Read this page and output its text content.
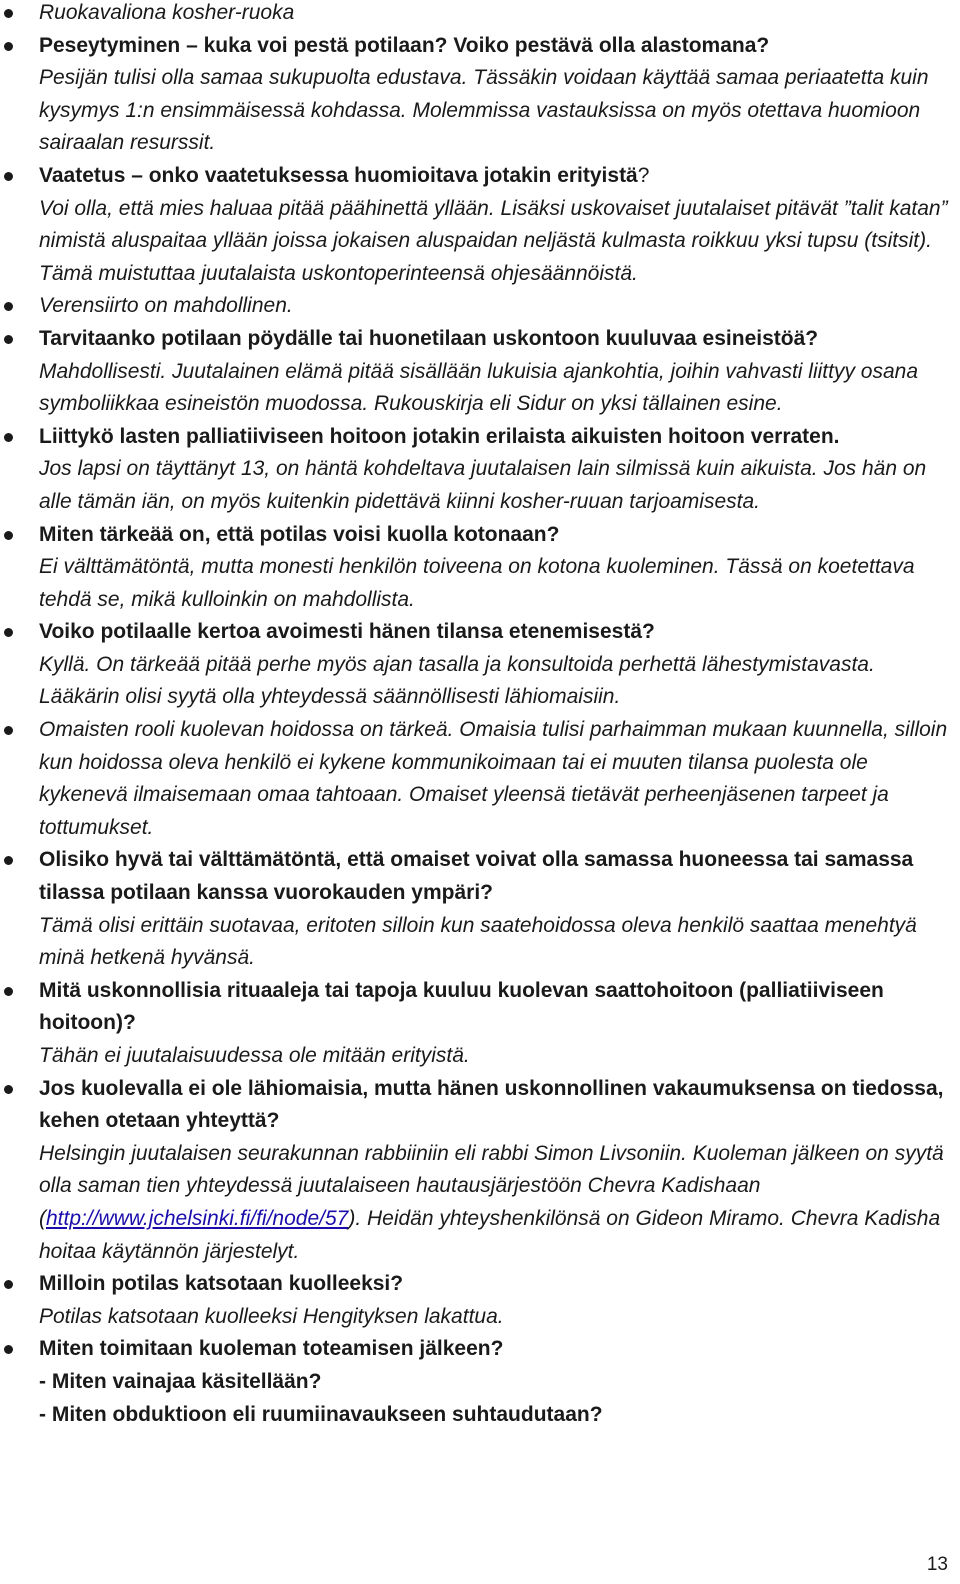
Ruokavaliona kosher-ruoka
Peseytyminen – kuka voi pestä potilaan? Voiko pestävä olla alastomana?
Pesijän tulisi olla samaa sukupuolta edustava. Tässäkin voidaan käyttää samaa periaatetta kuin kysymys 1:n ensimmäisessä kohdassa. Molemmissa vastauksissa on myös otettava huomioon sairaalan resurssit.
Vaatetus – onko vaatetuksessa huomioitava jotakin erityistä?
Voi olla, että mies haluaa pitää päähinettä yllään. Lisäksi uskovaiset juutalaiset pitävät ”talit katan” nimistä aluspaitaa yllään joissa jokaisen aluspaidan neljästä kulmasta roikkuu yksi tupsu (tsitsit). Tämä muistuttaa juutalaista uskontoperinteensä ohjesäännöistä.
Verensiirto on mahdollinen.
Tarvitaanko potilaan pöydälle tai huonetilaan uskontoon kuuluvaa esineistöä?
Mahdollisesti. Juutalainen elämä pitää sisällään lukuisia ajankohtia, joihin vahvasti liittyy osana symboliikkaa esineistön muodossa. Rukouskirja eli Sidur on yksi tällainen esine.
Liittykö lasten palliatiiviseen hoitoon jotakin erilaista aikuisten hoitoon verraten.
Jos lapsi on täyttänyt 13, on häntä kohdeltava juutalaisen lain silmissä kuin aikuista. Jos hän on alle tämän iän, on myös kuitenkin pidettävä kiinni kosher-ruuan tarjoamisesta.
Miten tärkeää on, että potilas voisi kuolla kotonaan?
Ei välttämätöntä, mutta monesti henkilön toiveena on kotona kuoleminen. Tässä on koetettava tehdä se, mikä kulloinkin on mahdollista.
Voiko potilaalle kertoa avoimesti hänen tilansa etenemisestä?
Kyllä. On tärkeää pitää perhe myös ajan tasalla ja konsultoida perhettä lähestymistavasta. Lääkärin olisi syytä olla yhteydessä säännöllisesti lähiomaisiin.
Omaisten rooli kuolevan hoidossa on tärkeä. Omaisia tulisi parhaimman mukaan kuunnella, silloin kun hoidossa oleva henkilö ei kykene kommunikoimaan tai ei muuten tilansa puolesta ole kykenevä ilmaisemaan omaa tahtoaan. Omaiset yleensä tietävät perheenjäsenen tarpeet ja tottumukset.
Olisiko hyvä tai välttämätöntä, että omaiset voivat olla samassa huoneessa tai samassa tilassa potilaan kanssa vuorokauden ympäri?
Tämä olisi erittäin suotavaa, eritoten silloin kun saatehoidossa oleva henkilö saattaa menehtyä minä hetkenä hyvänsä.
Mitä uskonnollisia rituaaleja tai tapoja kuuluu kuolevan saattohoitoon (palliatiiviseen hoitoon)?
Tähän ei juutalaisuudessa ole mitään erityistä.
Jos kuolevalla ei ole lähiomaisia, mutta hänen uskonnollinen vakaumuksensa on tiedossa, kehen otetaan yhteyttä?
Helsingin juutalaisen seurakunnan rabbiiniin eli rabbi Simon Livsoniin. Kuoleman jälkeen on syytä olla saman tien yhteydessä juutalaiseen hautausjärjestöön Chevra Kadishaan (http://www.jchelsinki.fi/fi/node/57). Heidän yhteyshenkilönsä on Gideon Miramo. Chevra Kadisha hoitaa käytännön järjestelyt.
Milloin potilas katsotaan kuolleeksi?
Potilas katsotaan kuolleeksi Hengityksen lakattua.
Miten toimitaan kuoleman toteamisen jälkeen?
- Miten vainajaa käsitellään?
- Miten obduktioon eli ruumiinavaukseen suhtaudutaan?
13
